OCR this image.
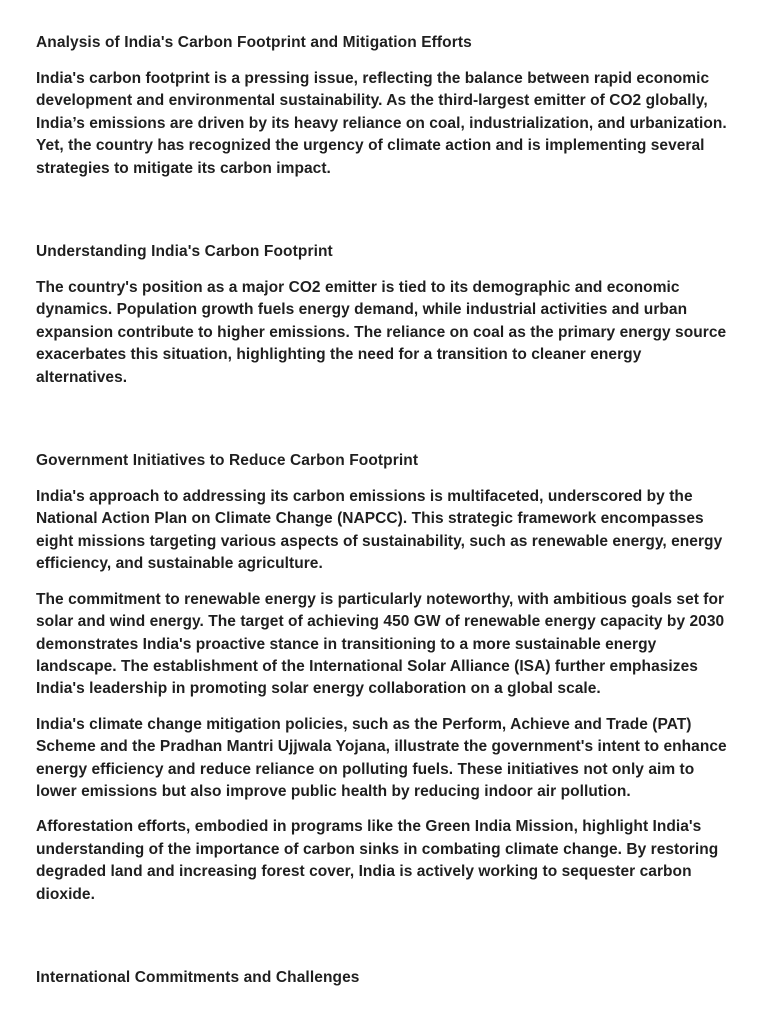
Analysis of India's Carbon Footprint and Mitigation Efforts

India's carbon footprint is a pressing issue, reflecting the balance between rapid economic development and environmental sustainability. As the third-largest emitter of CO2 globally, India’s emissions are driven by its heavy reliance on coal, industrialization, and urbanization. Yet, the country has recognized the urgency of climate action and is implementing several strategies to mitigate its carbon impact.

Understanding India's Carbon Footprint

The country's position as a major CO2 emitter is tied to its demographic and economic dynamics. Population growth fuels energy demand, while industrial activities and urban expansion contribute to higher emissions. The reliance on coal as the primary energy source exacerbates this situation, highlighting the need for a transition to cleaner energy alternatives.

Government Initiatives to Reduce Carbon Footprint

India's approach to addressing its carbon emissions is multifaceted, underscored by the National Action Plan on Climate Change (NAPCC). This strategic framework encompasses eight missions targeting various aspects of sustainability, such as renewable energy, energy efficiency, and sustainable agriculture.

The commitment to renewable energy is particularly noteworthy, with ambitious goals set for solar and wind energy. The target of achieving 450 GW of renewable energy capacity by 2030 demonstrates India's proactive stance in transitioning to a more sustainable energy landscape. The establishment of the International Solar Alliance (ISA) further emphasizes India's leadership in promoting solar energy collaboration on a global scale.

India's climate change mitigation policies, such as the Perform, Achieve and Trade (PAT) Scheme and the Pradhan Mantri Ujjwala Yojana, illustrate the government's intent to enhance energy efficiency and reduce reliance on polluting fuels. These initiatives not only aim to lower emissions but also improve public health by reducing indoor air pollution.

Afforestation efforts, embodied in programs like the Green India Mission, highlight India's understanding of the importance of carbon sinks in combating climate change. By restoring degraded land and increasing forest cover, India is actively working to sequester carbon dioxide.

International Commitments and Challenges
